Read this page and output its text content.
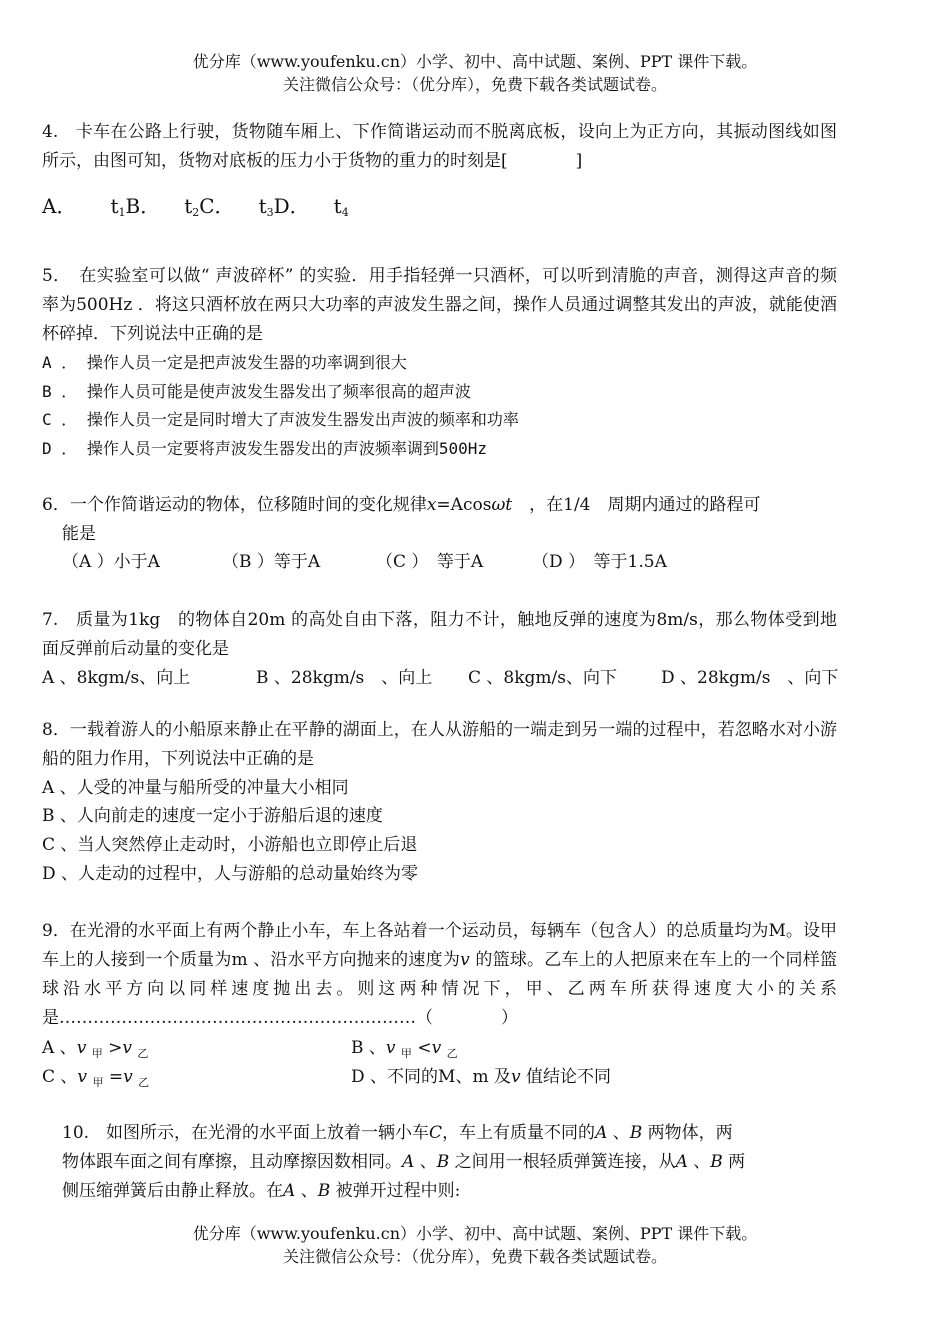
优分库（www.youfenku.cn）小学、初中、高中试题、案例、PPT 课件下载。
关注微信公众号：（优分库），免费下载各类试题试卷。
4.　卡车在公路上行驶，货物随车厢上、下作简谐运动而不脱离底板，设向上为正方向，其振动图线如图所示，由图可知，货物对底板的压力小于货物的重力的时刻是[　　　　]
A． $t_1B$． $t_2C$． $t_3D$． $t_4$
5．　在实验室可以做“ 声波碎杯” 的实验．用手指轻弹一只酒杯，可以听到清脆的声音，测得这声音的频率为500Hz ．将这只酒杯放在两只大功率的声波发生器之间，操作人员通过调整其发出的声波，就能使酒杯碎掉．下列说法中正确的是
A ． 操作人员一定是把声波发生器的功率调到很大
B ． 操作人员可能是使声波发生器发出了频率很高的超声波
C ． 操作人员一定是同时增大了声波发生器发出声波的频率和功率
D ． 操作人员一定要将声波发生器发出的声波频率调到500Hz
6．一个作简谐运动的物体，位移随时间的变化规律x=Acosωt　，在1/4　周期内通过的路程可
能是
（A ）小于A	（B ）等于A	（C ）　等于A	（D ）　等于1.5A
7.　质量为1kg　的物体自20m 的高处自由下落，阻力不计，触地反弹的速度为8m/s，那么物体受到地面反弹前后动量的变化是
A 、8kgm/s、向上	B 、28kgm/s　、向上 C 、8kgm/s、向下	D 、28kgm/s　、向下
8．一载着游人的小船原来静止在平静的湖面上，在人从游船的一端走到另一端的过程中，若忽略水对小游船的阻力作用，下列说法中正确的是
A 、人受的冲量与船所受的冲量大小相同
B 、人向前走的速度一定小于游船后退的速度
C 、当人突然停止走动时，小游船也立即停止后退
D 、人走动的过程中，人与游船的总动量始终为零
9．在光滑的水平面上有两个静止小车，车上各站着一个运动员，每辆车（包含人）的总质量均为M。设甲车上的人接到一个质量为m 、沿水平方向抛来的速度为v 的篮球。乙车上的人把原来在车上的一个同样篮球沿水平方向以同样速度抛出去。则这两种情况下，甲、乙两车所获得速度大小的关系是………………………………………………………（　　　　）
A 、v $_甲$ >v $_乙$	B 、v $_甲$ <v $_乙$
C 、v $_甲$ =v $_乙$	D 、不同的M、m 及v 值结论不同
10.　如图所示，在光滑的水平面上放着一辆小车C，车上有质量不同的A 、B 两物体，两
物体跟车面之间有摩擦，且动摩擦因数相同。A 、B 之间用一根轻质弹簧连接，从A 、B 两
侧压缩弹簧后由静止释放。在A 、B 被弹开过程中则:
优分库（www.youfenku.cn）小学、初中、高中试题、案例、PPT 课件下载。
关注微信公众号：（优分库），免费下载各类试题试卷。
